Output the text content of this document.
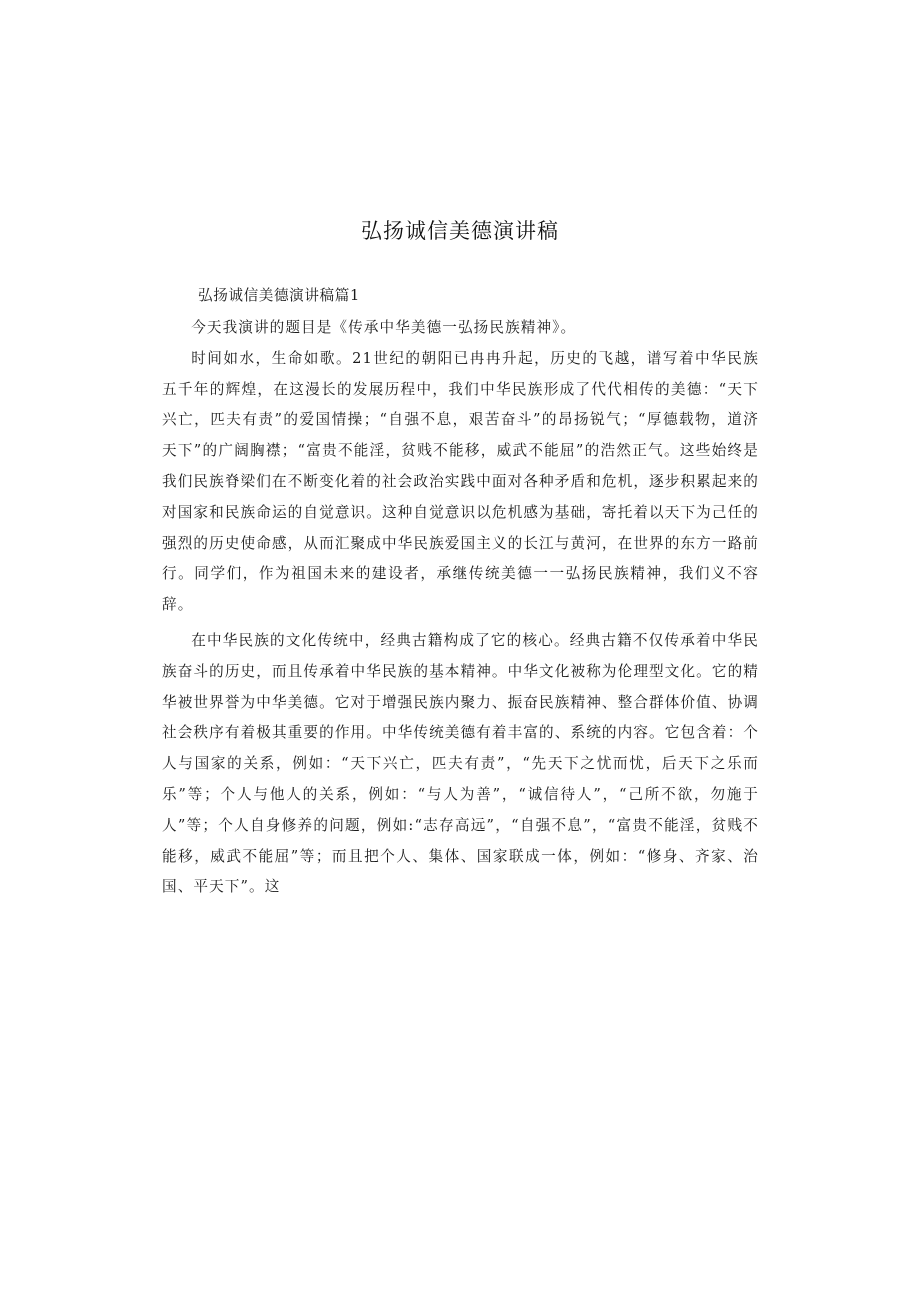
弘扬诚信美德演讲稿

弘扬诚信美德演讲稿篇1

今天我演讲的题目是《传承中华美德一弘扬民族精神》。

时间如水，生命如歌。21世纪的朝阳已冉冉升起，历史的飞越，谱写着中华民族五千年的辉煌，在这漫长的发展历程中，我们中华民族形成了代代相传的美德：“天下兴亡，匹夫有责”的爱国情操；“自强不息，艰苦奋斗”的昂扬锐气；“厚德载物，道济天下”的广阔胸襟；“富贵不能淫，贫贱不能移，威武不能屈”的浩然正气。这些始终是我们民族脊梁们在不断变化着的社会政治实践中面对各种矛盾和危机，逐步积累起来的对国家和民族命运的自觉意识。这种自觉意识以危机感为基础，寄托着以天下为己任的强烈的历史使命感，从而汇聚成中华民族爱国主义的长江与黄河，在世界的东方一路前行。同学们，作为祖国未来的建设者，承继传统美德一一弘扬民族精神，我们义不容辞。

在中华民族的文化传统中，经典古籍构成了它的核心。经典古籍不仅传承着中华民族奋斗的历史，而且传承着中华民族的基本精神。中华文化被称为伦理型文化。它的精华被世界誉为中华美德。它对于增强民族内聚力、振奋民族精神、整合群体价值、协调社会秩序有着极其重要的作用。中华传统美德有着丰富的、系统的内容。它包含着：个人与国家的关系，例如：“天下兴亡，匹夫有责”，“先天下之忧而忧，后天下之乐而乐”等；个人与他人的关系，例如：“与人为善”，“诚信待人”，“己所不欲，勿施于人”等；个人自身修养的问题，例如:“志存高远”，“自强不息”，“富贵不能淫，贫贱不能移，威武不能屈”等；而且把个人、集体、国家联成一体，例如：“修身、齐家、治国、平天下”。这
